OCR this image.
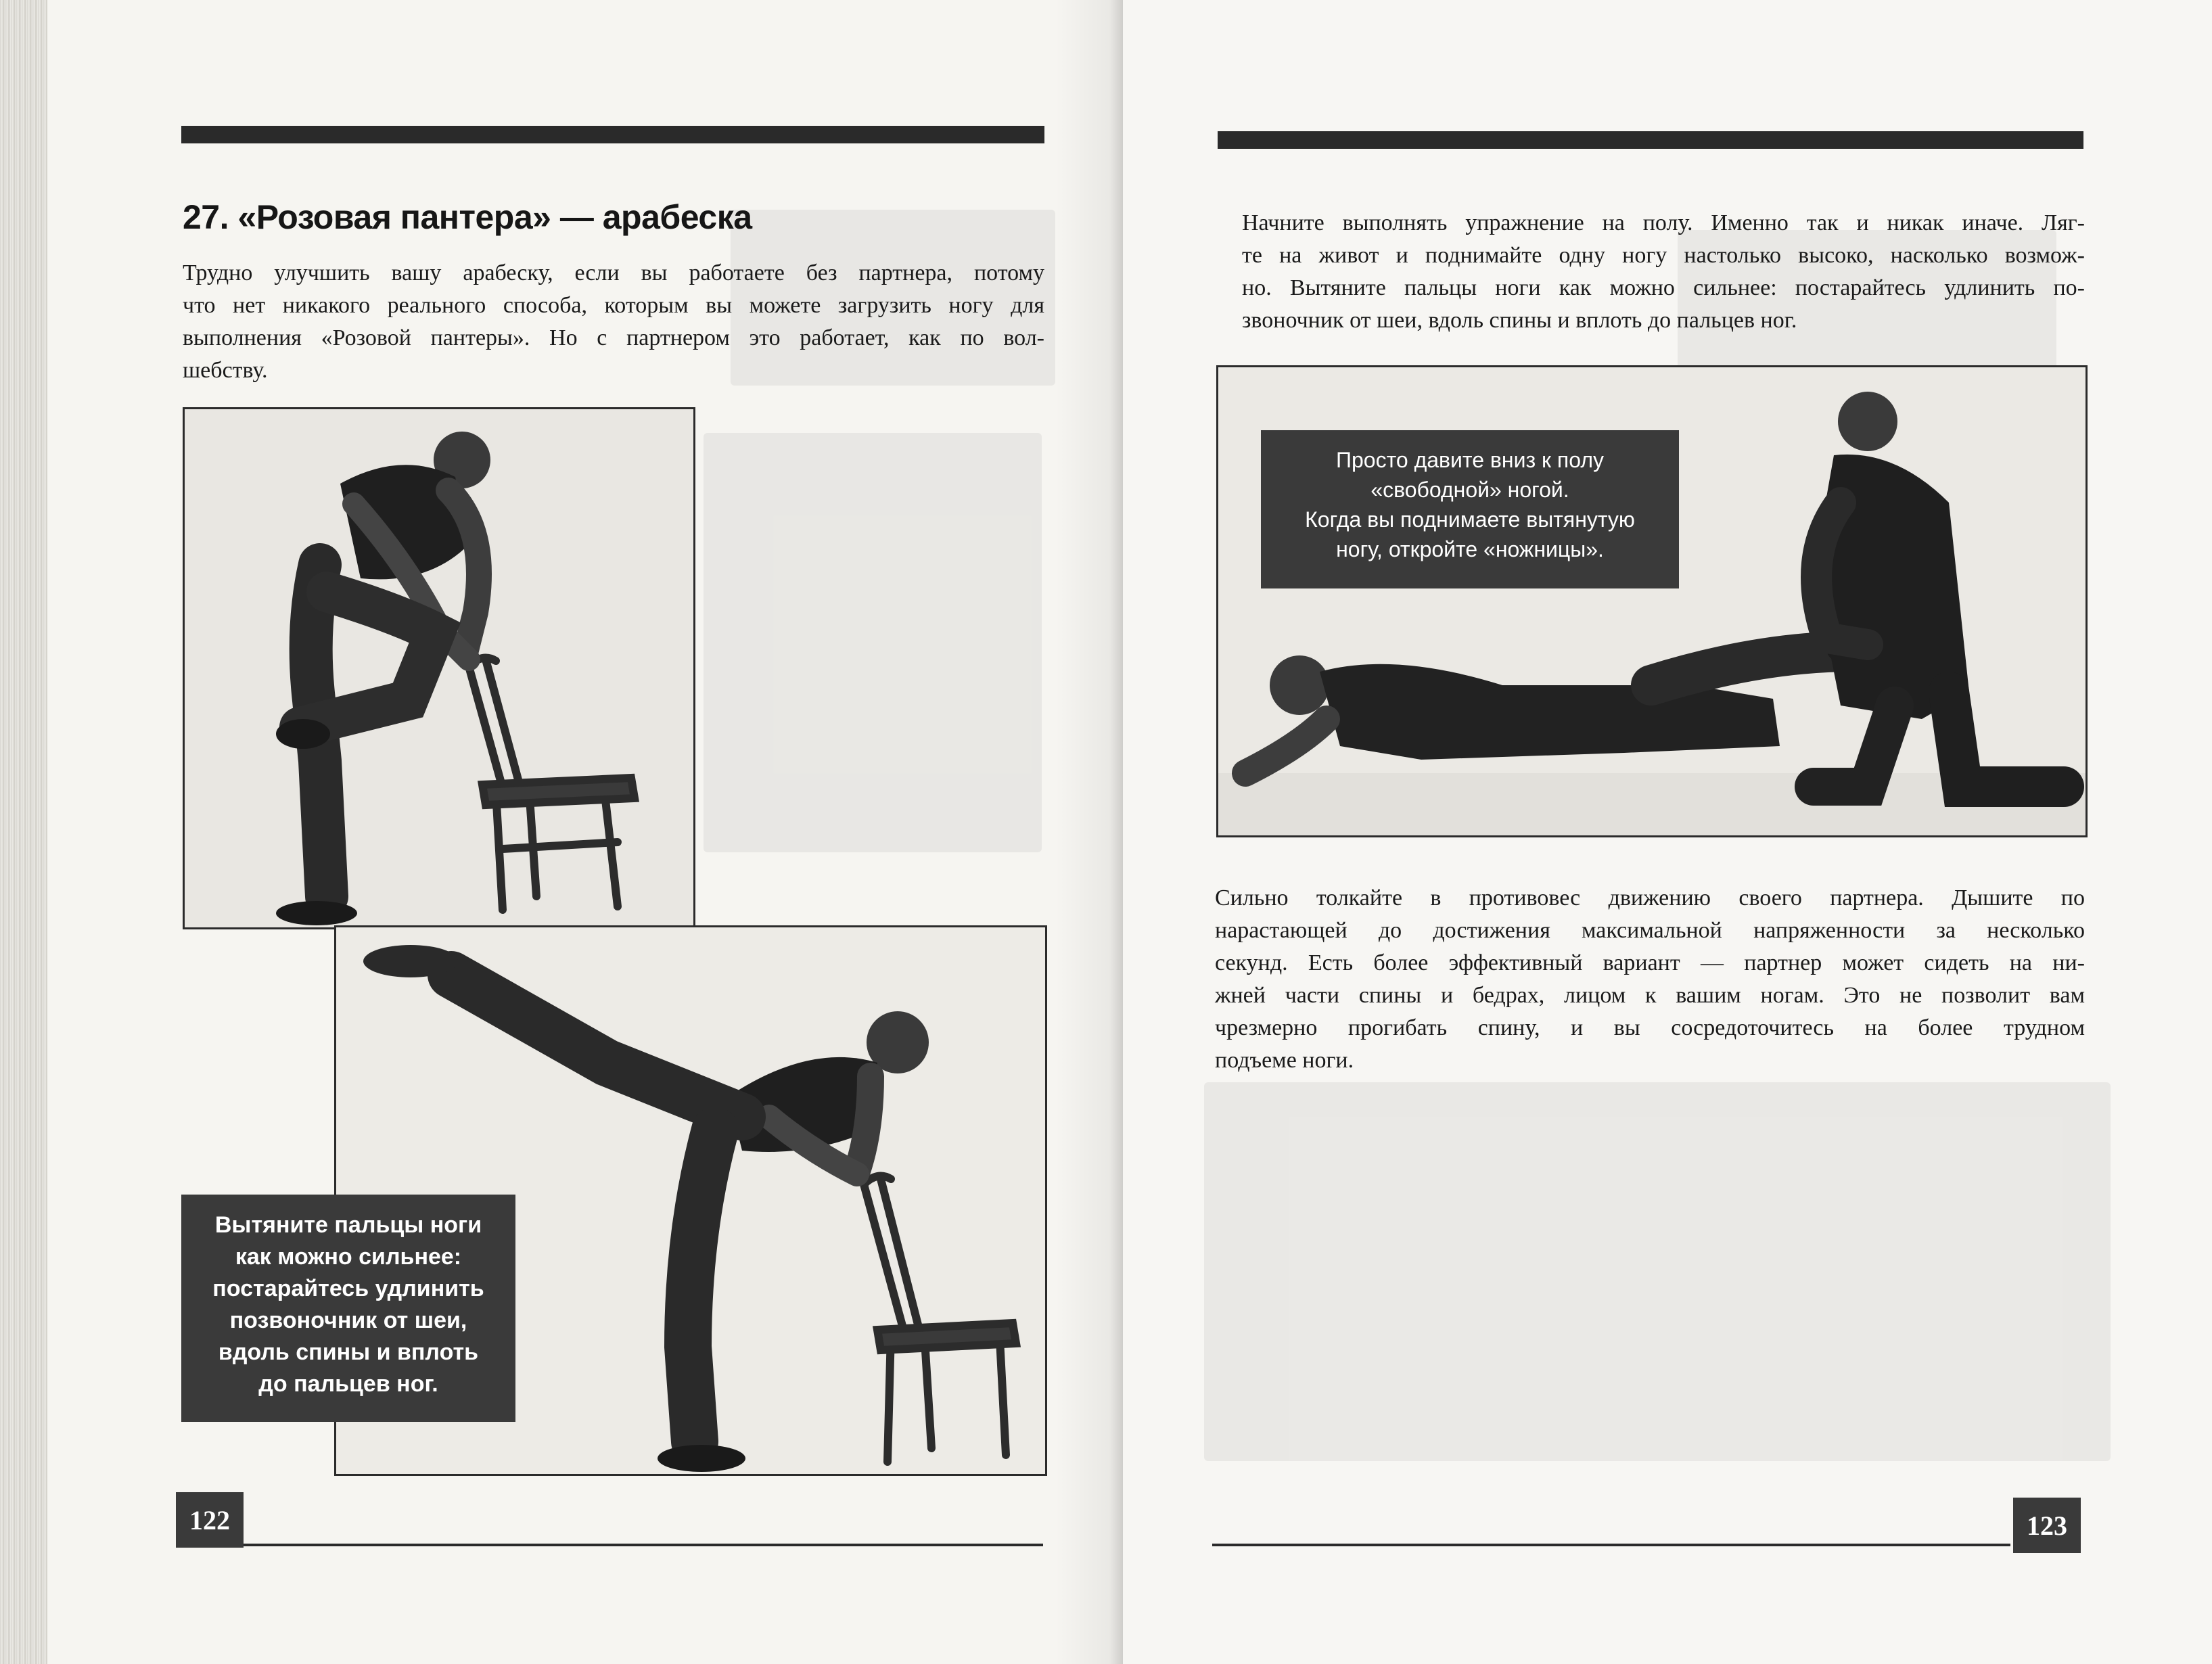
27. «Розовая пантера» — арабеска
Трудно улучшить вашу арабеску, если вы работаете без партнера, потому
что нет никакого реального способа, которым вы можете загрузить ногу для
выполнения «Розовой пантеры». Но с партнером это работает, как по вол-
шебству.
Вытяните пальцы ноги
как можно сильнее:
постарайтесь удлинить
позвоночник от шеи,
вдоль спины и вплоть
до пальцев ног.
122
Начните выполнять упражнение на полу. Именно так и никак иначе. Ляг-
те на живот и поднимайте одну ногу настолько высоко, насколько возмож-
но. Вытяните пальцы ноги как можно сильнее: постарайтесь удлинить по-
звоночник от шеи, вдоль спины и вплоть до пальцев ног.
Просто давите вниз к полу
«свободной» ногой.
Когда вы поднимаете вытянутую
ногу, откройте «ножницы».
Сильно толкайте в противовес движению своего партнера. Дышите по
нарастающей до достижения максимальной напряженности за несколько
секунд. Есть более эффективный вариант — партнер может сидеть на ни-
жней части спины и бедрах, лицом к вашим ногам. Это не позволит вам
чрезмерно прогибать спину, и вы сосредоточитесь на более трудном
подъеме ноги.
123
